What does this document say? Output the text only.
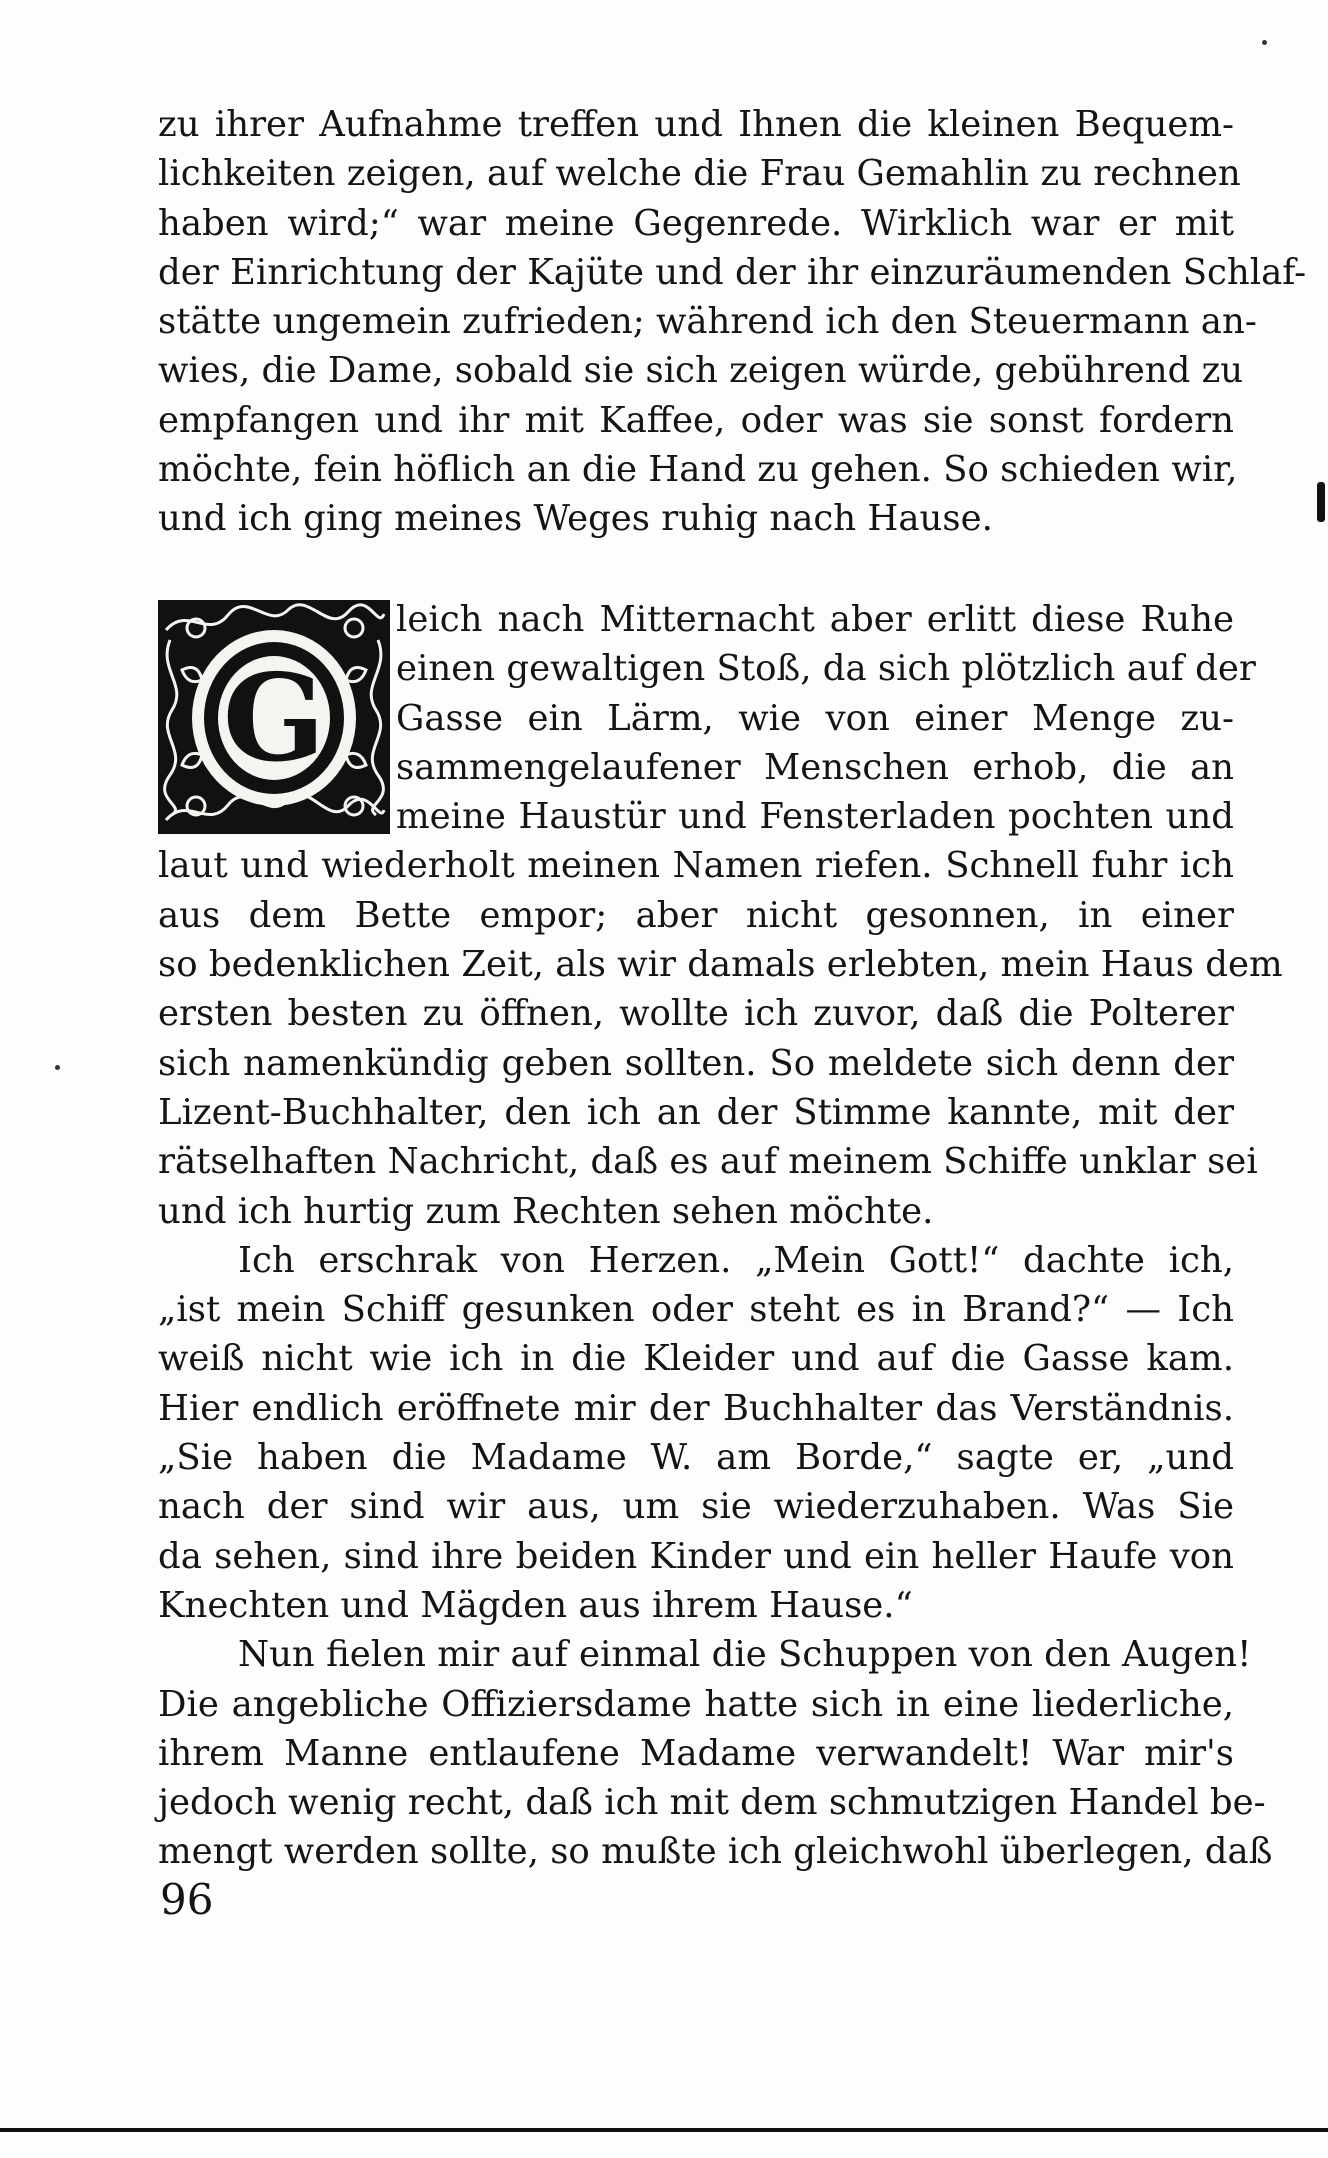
zu ihrer Aufnahme treffen und Ihnen die kleinen Bequem-
lichkeiten zeigen, auf welche die Frau Gemahlin zu rechnen
haben wird;“ war meine Gegenrede. Wirklich war er mit
der Einrichtung der Kajüte und der ihr einzuräumenden Schlaf-
stätte ungemein zufrieden; während ich den Steuermann an-
wies, die Dame, sobald sie sich zeigen würde, gebührend zu
empfangen und ihr mit Kaffee, oder was sie sonst fordern
möchte, fein höflich an die Hand zu gehen. So schieden wir,
und ich ging meines Weges ruhig nach Hause.
G
leich nach Mitternacht aber erlitt diese Ruhe
einen gewaltigen Stoß, da sich plötzlich auf der
Gasse ein Lärm, wie von einer Menge zu-
sammengelaufener Menschen erhob, die an
meine Haustür und Fensterladen pochten und
laut und wiederholt meinen Namen riefen. Schnell fuhr ich
aus dem Bette empor; aber nicht gesonnen, in einer
so bedenklichen Zeit, als wir damals erlebten, mein Haus dem
ersten besten zu öffnen, wollte ich zuvor, daß die Polterer
sich namenkündig geben sollten. So meldete sich denn der
Lizent-Buchhalter, den ich an der Stimme kannte, mit der
rätselhaften Nachricht, daß es auf meinem Schiffe unklar sei
und ich hurtig zum Rechten sehen möchte.
Ich erschrak von Herzen. „Mein Gott!“ dachte ich,
„ist mein Schiff gesunken oder steht es in Brand?“ — Ich
weiß nicht wie ich in die Kleider und auf die Gasse kam.
Hier endlich eröffnete mir der Buchhalter das Verständnis.
„Sie haben die Madame W. am Borde,“ sagte er, „und
nach der sind wir aus, um sie wiederzuhaben. Was Sie
da sehen, sind ihre beiden Kinder und ein heller Haufe von
Knechten und Mägden aus ihrem Hause.“
Nun fielen mir auf einmal die Schuppen von den Augen!
Die angebliche Offiziersdame hatte sich in eine liederliche,
ihrem Manne entlaufene Madame verwandelt! War mir's
jedoch wenig recht, daß ich mit dem schmutzigen Handel be-
mengt werden sollte, so mußte ich gleichwohl überlegen, daß

96
